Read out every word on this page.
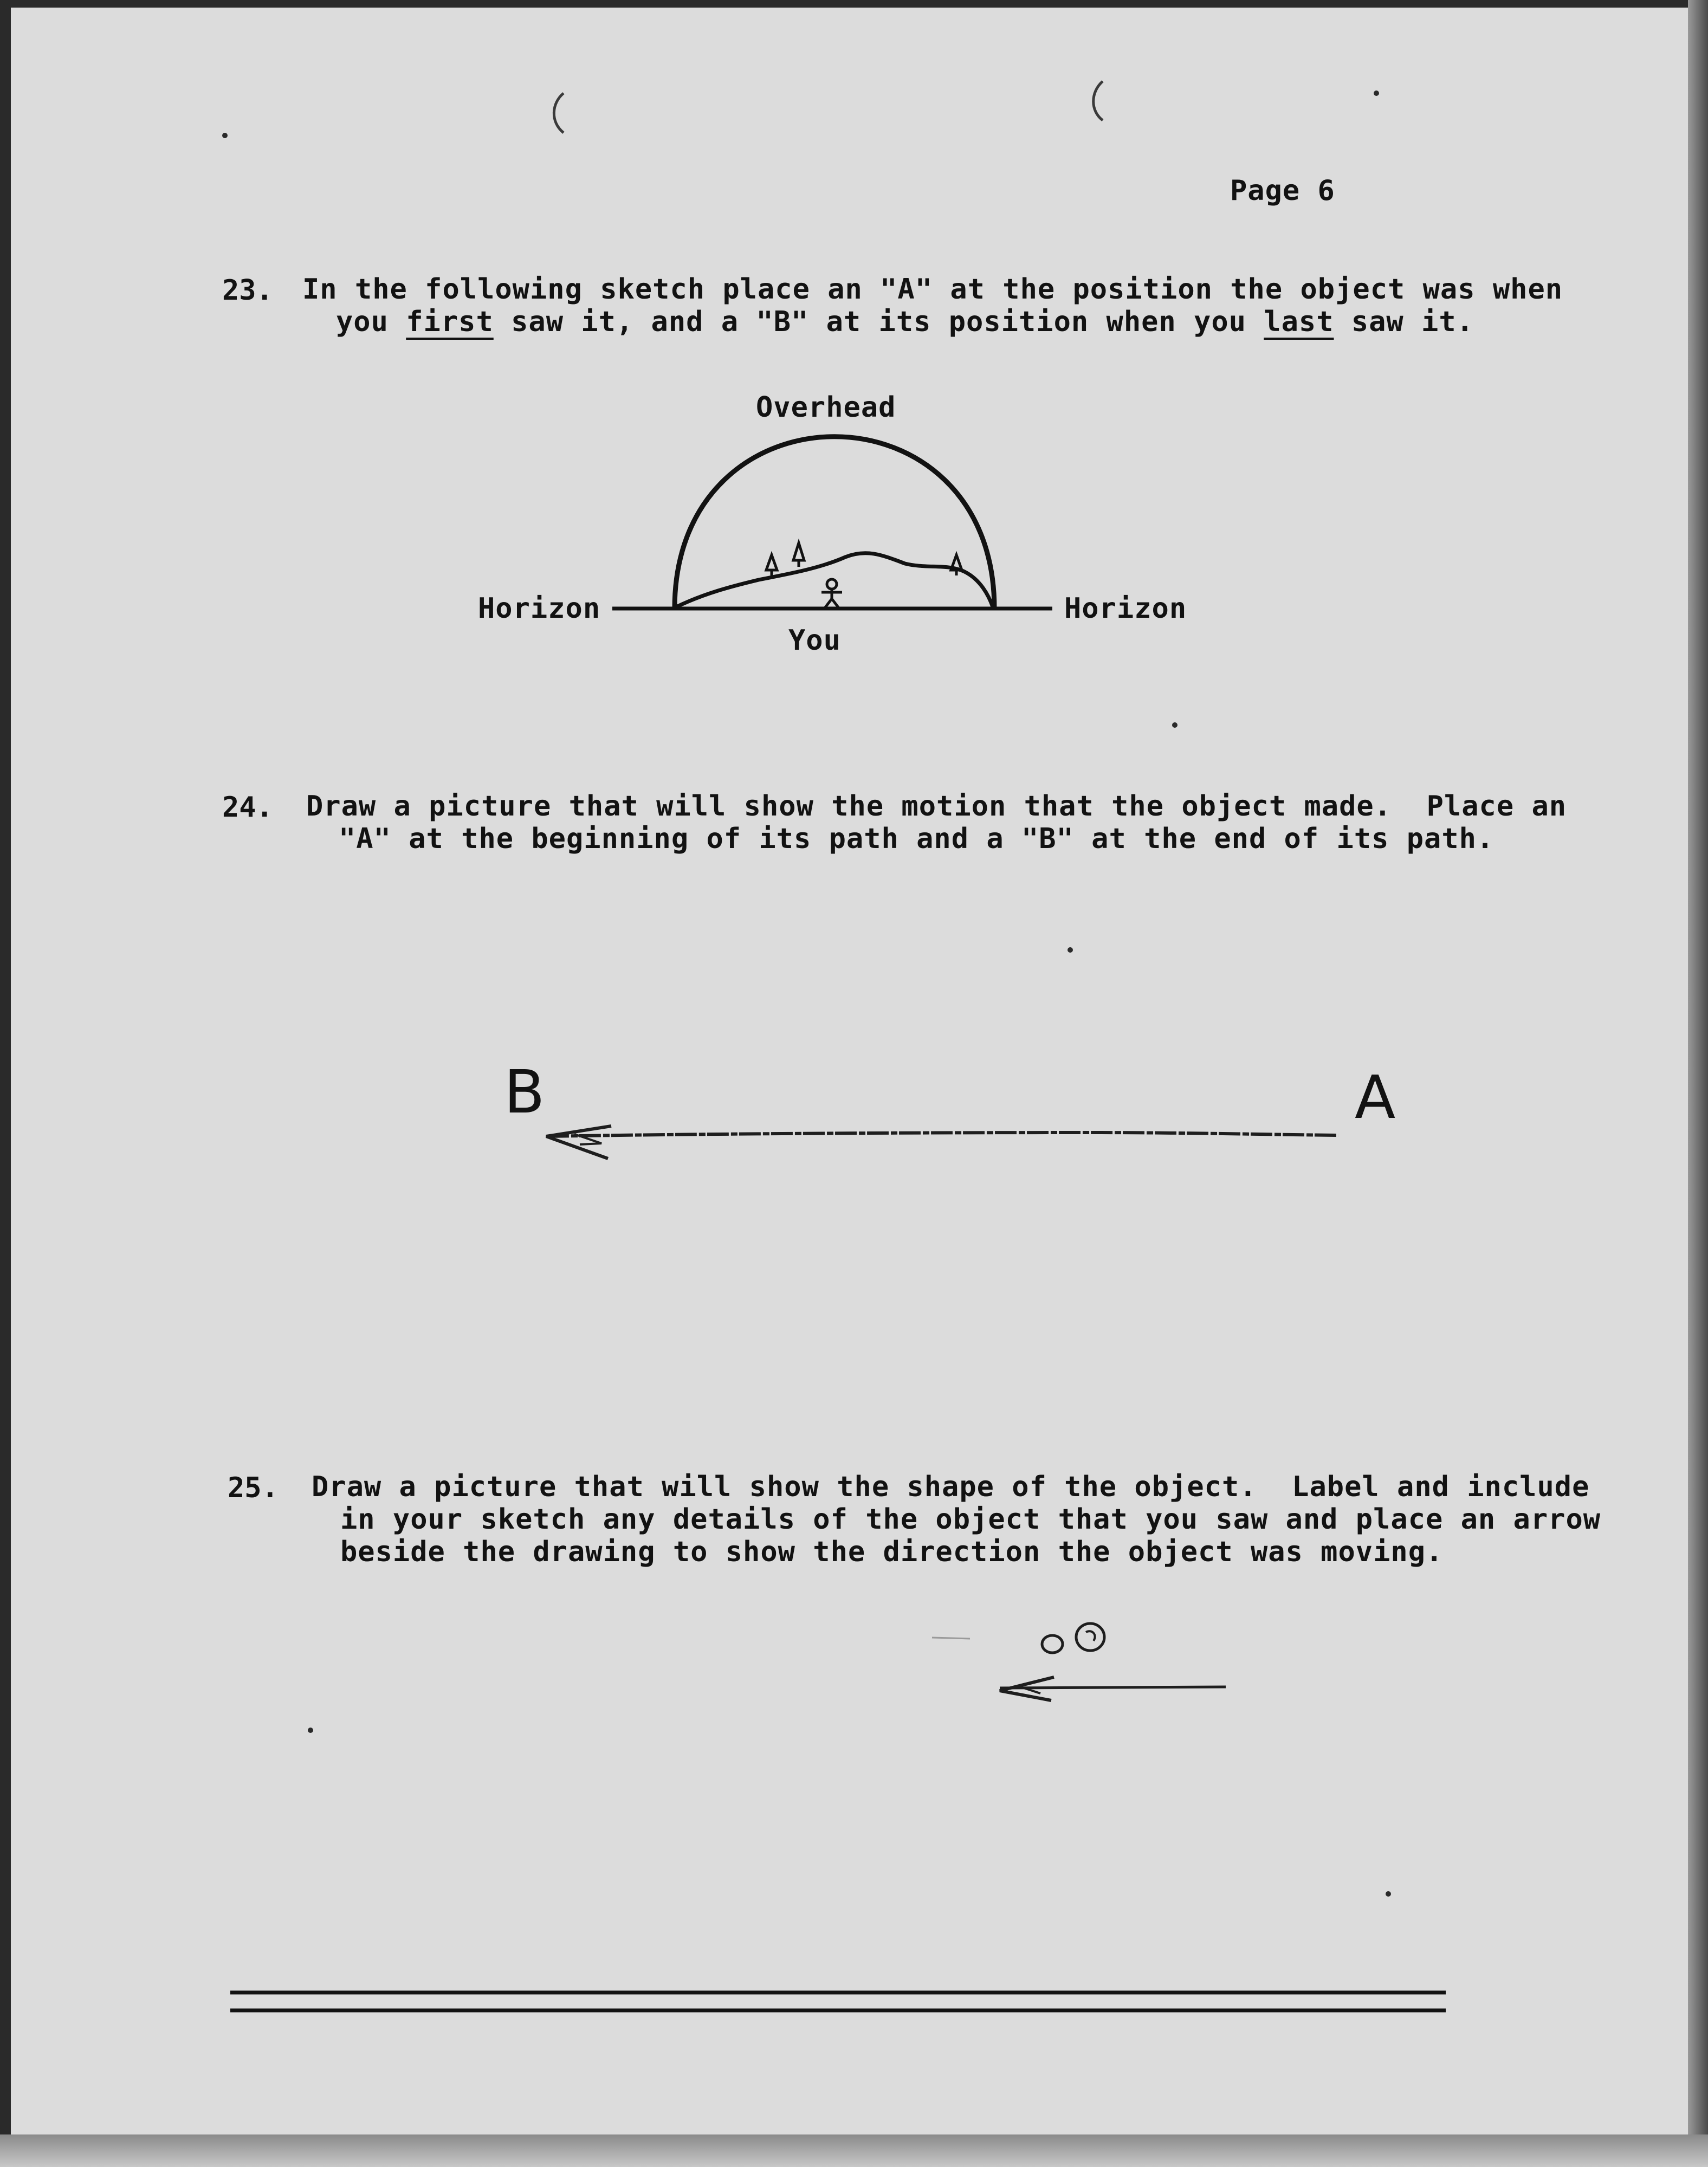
Page 6
23. In the following sketch place an "A" at the position the object was when
you first saw it, and a "B" at its position when you last saw it.
Overhead
Horizon	Horizon
You
24. Draw a picture that will show the motion that the object made.  Place an
"A" at the beginning of its path and a "B" at the end of its path.
B	A
25. Draw a picture that will show the shape of the object.  Label and include
in your sketch any details of the object that you saw and place an arrow
beside the drawing to show the direction the object was moving.
